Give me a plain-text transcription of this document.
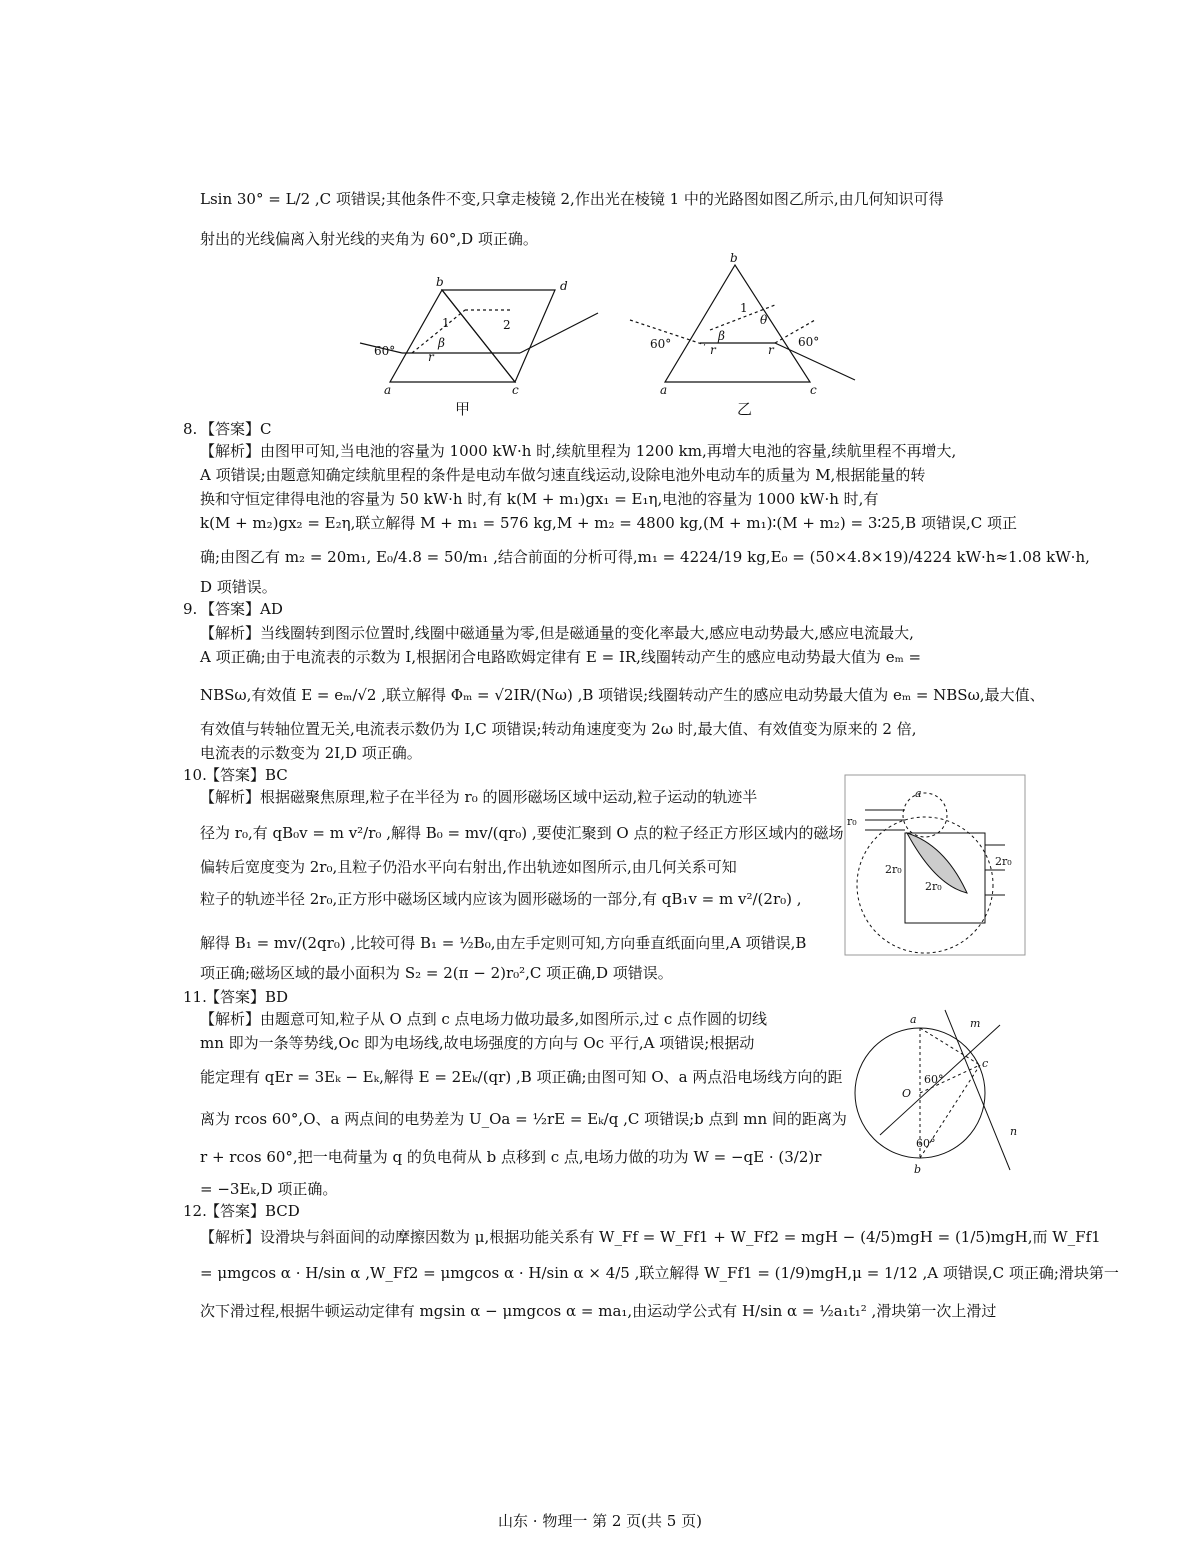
Lsin 30° = L/2 ,C 项错误;其他条件不变,只拿走棱镜 2,作出光在棱镜 1 中的光路图如图乙所示,由几何知识可得
射出的光线偏离入射光线的夹角为 60°,D 项正确。
b	d
a	c
1	2
β
r
60°
b
a	c
1
θ
β
r	r
60°	60°
甲	乙
8. 【答案】C
【解析】由图甲可知,当电池的容量为 1000 kW·h 时,续航里程为 1200 km,再增大电池的容量,续航里程不再增大,
A 项错误;由题意知确定续航里程的条件是电动车做匀速直线运动,设除电池外电动车的质量为 M,根据能量的转
换和守恒定律得电池的容量为 50 kW·h 时,有 k(M + m₁)gx₁ = E₁η,电池的容量为 1000 kW·h 时,有
k(M + m₂)gx₂ = E₂η,联立解得 M + m₁ = 576 kg,M + m₂ = 4800 kg,(M + m₁)∶(M + m₂) = 3∶25,B 项错误,C 项正
确;由图乙有 m₂ = 20m₁, E₀/4.8 = 50/m₁ ,结合前面的分析可得,m₁ = 4224/19 kg,E₀ = (50×4.8×19)/4224 kW·h≈1.08 kW·h,
D 项错误。
9. 【答案】AD
【解析】当线圈转到图示位置时,线圈中磁通量为零,但是磁通量的变化率最大,感应电动势最大,感应电流最大,
A 项正确;由于电流表的示数为 I,根据闭合电路欧姆定律有 E = IR,线圈转动产生的感应电动势最大值为 eₘ =
NBSω,有效值 E = eₘ/√2 ,联立解得 Φₘ = √2IR/(Nω) ,B 项错误;线圈转动产生的感应电动势最大值为 eₘ = NBSω,最大值、
有效值与转轴位置无关,电流表示数仍为 I,C 项错误;转动角速度变为 2ω 时,最大值、有效值变为原来的 2 倍,
电流表的示数变为 2I,D 项正确。
10.
【答案】BC
【解析】根据磁聚焦原理,粒子在半径为 r₀ 的圆形磁场区域中运动,粒子运动的轨迹半
径为 r₀,有 qB₀v = m v²/r₀ ,解得 B₀ = mv/(qr₀) ,要使汇聚到 O 点的粒子经正方形区域内的磁场
偏转后宽度变为 2r₀,且粒子仍沿水平向右射出,作出轨迹如图所示,由几何关系可知
粒子的轨迹半径 2r₀,正方形中磁场区域内应该为圆形磁场的一部分,有 qB₁v = m v²/(2r₀) ,
解得 B₁ = mv/(2qr₀) ,比较可得 B₁ = ½B₀,由左手定则可知,方向垂直纸面向里,A 项错误,B
项正确;磁场区域的最小面积为 S₂ = 2(π − 2)r₀²,C 项正确,D 项错误。
a
r₀
2r₀
2r₀
2r₀
11.
【答案】BD
【解析】由题意可知,粒子从 O 点到 c 点电场力做功最多,如图所示,过 c 点作圆的切线
mn 即为一条等势线,Oc 即为电场线,故电场强度的方向与 Oc 平行,A 项错误;根据动
能定理有 qEr = 3Eₖ − Eₖ,解得 E = 2Eₖ/(qr) ,B 项正确;由图可知 O、a 两点沿电场线方向的距
离为 rcos 60°,O、a 两点间的电势差为 U_Oa = ½rE = Eₖ/q ,C 项错误;b 点到 mn 间的距离为
r + rcos 60°,把一电荷量为 q 的负电荷从 b 点移到 c 点,电场力做的功为 W = −qE · (3/2)r
= −3Eₖ,D 项正确。
a	m
c
O
60°
60°
b
n
12.
【答案】BCD
【解析】设滑块与斜面间的动摩擦因数为 μ,根据功能关系有 W_Ff = W_Ff1 + W_Ff2 = mgH − (4/5)mgH = (1/5)mgH,而 W_Ff1
山东 · 物理一 第 2 页(共 5 页)
= μmgcos α · H/sin α ,W_Ff2 = μmgcos α · H/sin α × 4/5 ,联立解得 W_Ff1 = (1/9)mgH,μ = 1/12 ,A 项错误,C 项正确;滑块第一
次下滑过程,根据牛顿运动定律有 mgsin α − μmgcos α = ma₁,由运动学公式有 H/sin α = ½a₁t₁² ,滑块第一次上滑过
